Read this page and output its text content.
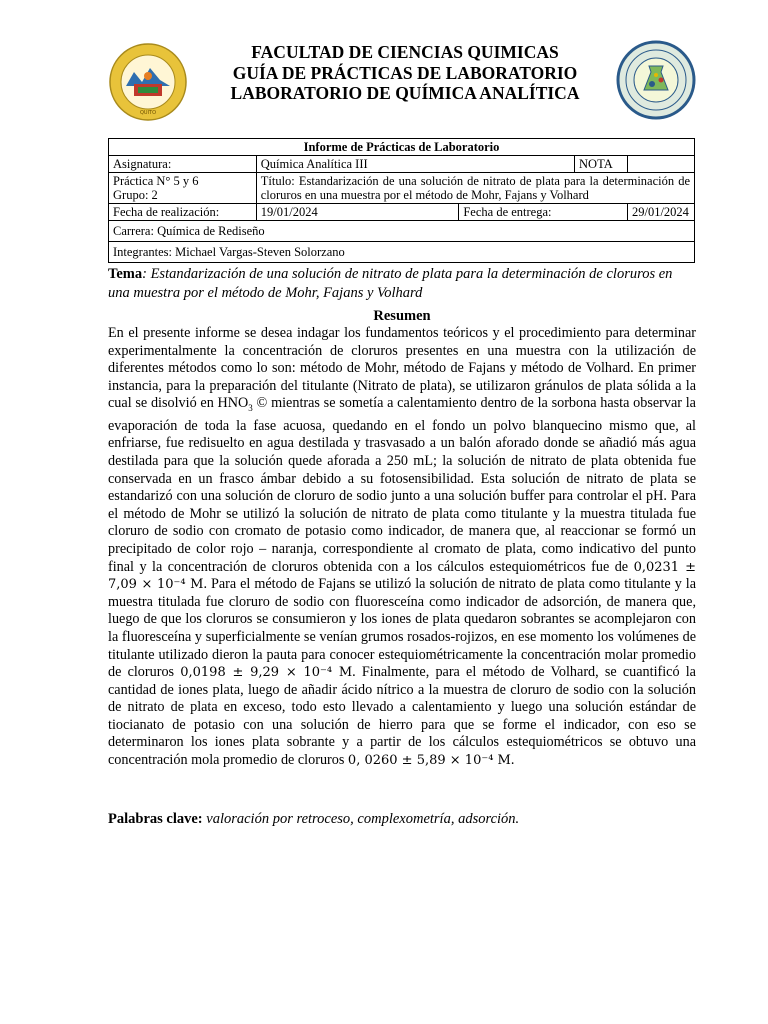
QUITO
FACULTAD DE CIENCIAS QUIMICAS
GUÍA DE PRÁCTICAS DE LABORATORIO
LABORATORIO DE QUÍMICA ANALÍTICA
Informe de Prácticas de Laboratorio				
Asignatura:	Química Analítica III		NOTA	

Práctica N° 5 y 6
Grupo: 2	Título: Estandarización de una solución de nitrato de plata para la determinación de cloruros en una muestra por el método de Mohr, Fajans y Volhard			
Fecha de realización:	19/01/2024	Fecha de entrega:		29/01/2024
Carrera: Química de Rediseño				
Integrantes: Michael Vargas-Steven Solorzano				
Tema: Estandarización de una solución de nitrato de plata para la determinación de cloruros en una muestra por el método de Mohr, Fajans y Volhard
Resumen
En el presente informe se desea indagar los fundamentos teóricos y el procedimiento para determinar experimentalmente la concentración de cloruros presentes en una muestra con la utilización de diferentes métodos como lo son: método de Mohr, método de Fajans y método de Volhard. En primer instancia, para la preparación del titulante (Nitrato de plata), se utilizaron gránulos de plata sólida a la cual se disolvió en $HNO_3$ © mientras se sometía a calentamiento dentro de la sorbona hasta observar la evaporación de toda la fase acuosa, quedando en el fondo un polvo blanquecino mismo que, al enfriarse, fue redisuelto en agua destilada y trasvasado a un balón aforado donde se añadió más agua destilada para que la solución quede aforada a 250 mL; la solución de nitrato de plata obtenida fue conservada en un frasco ámbar debido a su fotosensibilidad. Esta solución de nitrato de plata se estandarizó con una solución de cloruro de sodio junto a una solución buffer para controlar el pH. Para el método de Mohr se utilizó la solución de nitrato de plata como titulante y la muestra titulada fue cloruro de sodio con cromato de potasio como indicador, de manera que, al reaccionar se formó un precipitado de color rojo – naranja, correspondiente al cromato de plata, como indicativo del punto final y la concentración de cloruros obtenida con a los cálculos estequiométricos fue de 0,0231 ± 7,09 × 10⁻⁴ M. Para el método de Fajans se utilizó la solución de nitrato de plata como titulante y la muestra titulada fue cloruro de sodio con fluoresceína como indicador de adsorción, de manera que, luego de que los cloruros se consumieron y los iones de plata quedaron sobrantes se acomplejaron con la fluoresceína y superficialmente se venían grumos rosados-rojizos, en ese momento los volúmenes de titulante utilizado dieron la pauta para conocer estequiométricamente la concentración molar promedio de cloruros 0,0198 ± 9,29 × 10⁻⁴ M. Finalmente, para el método de Volhard, se cuantificó la cantidad de iones plata, luego de añadir ácido nítrico a la muestra de cloruro de sodio con la solución de nitrato de plata en exceso, todo esto llevado a calentamiento y luego una solución estándar de tiocianato de potasio con una solución de hierro para que se forme el indicador, con eso se determinaron los iones plata sobrante y a partir de los cálculos estequiométricos se obtuvo una concentración mola promedio de cloruros 0, 0260 ± 5,89 × 10⁻⁴ M.
Palabras clave: valoración por retroceso, complexometría, adsorción.
